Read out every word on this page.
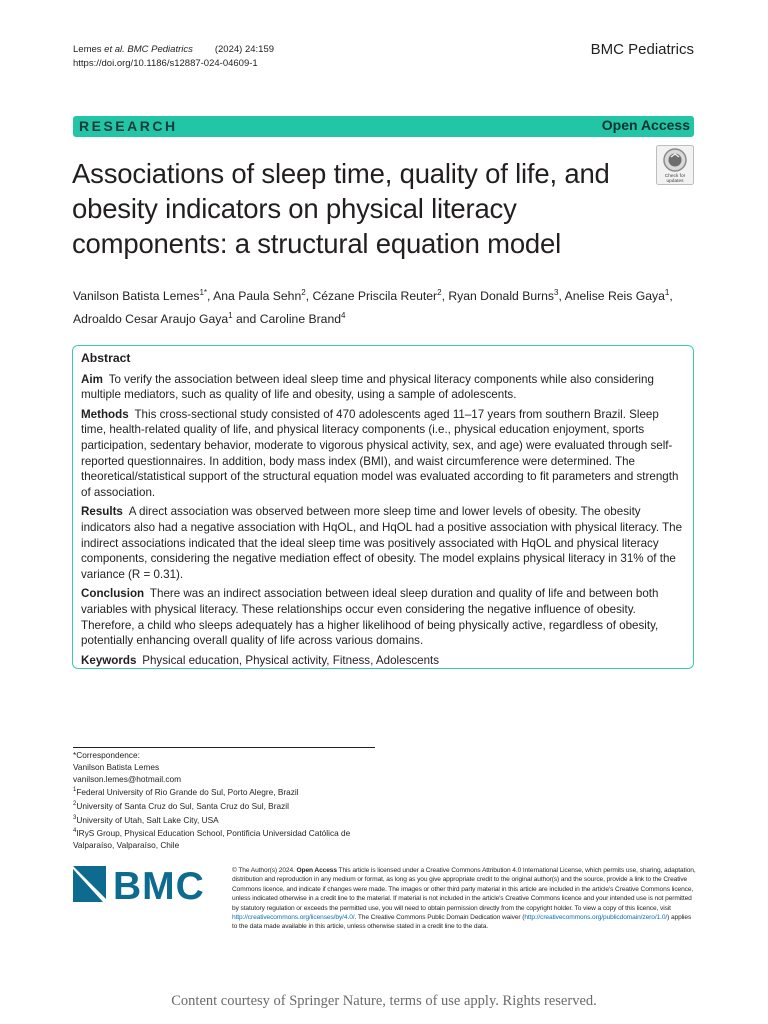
Lemes et al. BMC Pediatrics (2024) 24:159
https://doi.org/10.1186/s12887-024-04609-1
BMC Pediatrics
RESEARCH	Open Access
Associations of sleep time, quality of life, and obesity indicators on physical literacy components: a structural equation model
Check for
updates
Vanilson Batista Lemes$^{1*}$, Ana Paula Sehn$^2$, Cézane Priscila Reuter$^2$, Ryan Donald Burns$^3$, Anelise Reis Gaya$^1$,
Adroaldo Cesar Araujo Gaya$^1$ and Caroline Brand$^4$

Abstract

Aim  To verify the association between ideal sleep time and physical literacy components while also considering multiple mediators, such as quality of life and obesity, using a sample of adolescents.

Methods  This cross-sectional study consisted of 470 adolescents aged 11–17 years from southern Brazil. Sleep time, health-related quality of life, and physical literacy components (i.e., physical education enjoyment, sports participation, sedentary behavior, moderate to vigorous physical activity, sex, and age) were evaluated through self-reported questionnaires. In addition, body mass index (BMI), and waist circumference were determined. The theoretical/statistical support of the structural equation model was evaluated according to fit parameters and strength of association.

Results  A direct association was observed between more sleep time and lower levels of obesity. The obesity indicators also had a negative association with HqOL, and HqOL had a positive association with physical literacy. The indirect associations indicated that the ideal sleep time was positively associated with HqOL and physical literacy components, considering the negative mediation effect of obesity. The model explains physical literacy in 31% of the variance (R = 0.31).

Conclusion  There was an indirect association between ideal sleep duration and quality of life and between both variables with physical literacy. These relationships occur even considering the negative influence of obesity. Therefore, a child who sleeps adequately has a higher likelihood of being physically active, regardless of obesity, potentially enhancing overall quality of life across various domains.

Keywords  Physical education, Physical activity, Fitness, Adolescents

*Correspondence:
Vanilson Batista Lemes
vanilson.lemes@hotmail.com
$^1$Federal University of Rio Grande do Sul, Porto Alegre, Brazil
$^2$University of Santa Cruz do Sul, Santa Cruz do Sul, Brazil
$^3$University of Utah, Salt Lake City, USA
$^4$IRyS Group, Physical Education School, Pontificia Universidad Católica de Valparaíso, Valparaíso, Chile
BMC	© The Author(s) 2024. Open Access This article is licensed under a Creative Commons Attribution 4.0 International License, which permits use, sharing, adaptation, distribution and reproduction in any medium or format, as long as you give appropriate credit to the original author(s) and the source, provide a link to the Creative Commons licence, and indicate if changes were made. The images or other third party material in this article are included in the article's Creative Commons licence, unless indicated otherwise in a credit line to the material. If material is not included in the article's Creative Commons licence and your intended use is not permitted by statutory regulation or exceeds the permitted use, you will need to obtain permission directly from the copyright holder. To view a copy of this licence, visit http://creativecommons.org/licenses/by/4.0/. The Creative Commons Public Domain Dedication waiver (http://creativecommons.org/publicdomain/zero/1.0/) applies to the data made available in this article, unless otherwise stated in a credit line to the data.
Content courtesy of Springer Nature, terms of use apply. Rights reserved.
